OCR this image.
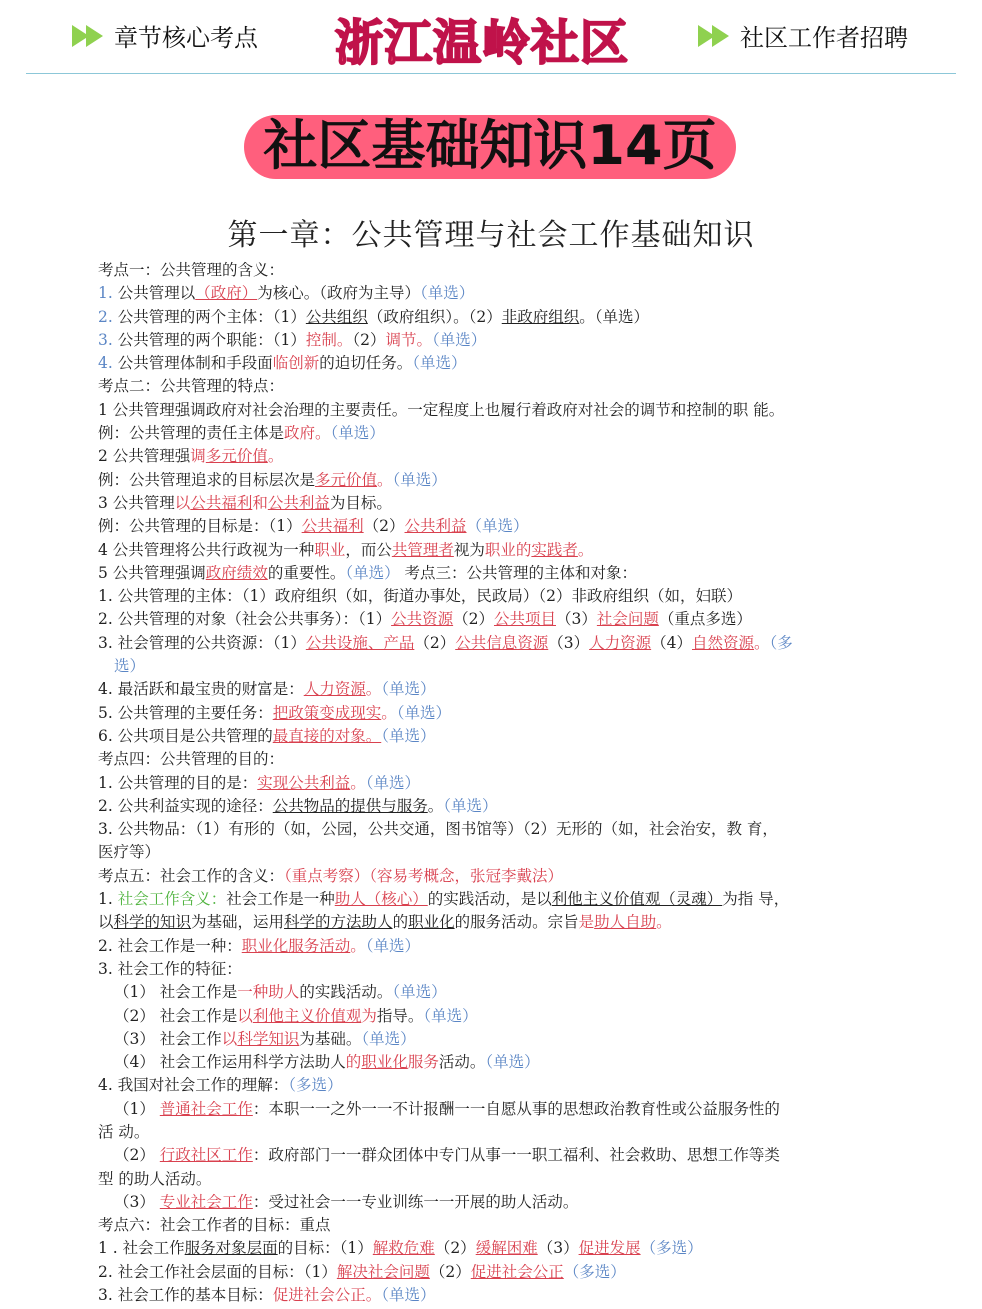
章节核心考点 浙江温岭社区	社区工作者招聘
社区基础知识14页
第一章：公共管理与社会工作基础知识

考点一：公共管理的含义：

1. 公共管理以（政府）为核心。（政府为主导）（单选）

2. 公共管理的两个主体：（1）公共组织（政府组织）。（2）非政府组织。（单选）

3. 公共管理的两个职能：（1）控制。（2）调节。（单选）

4. 公共管理体制和手段面临创新的迫切任务。（单选）

考点二：公共管理的特点：

1 公共管理强调政府对社会治理的主要责任。一定程度上也履行着政府对社会的调节和控制的职 能。

例：公共管理的责任主体是政府。（单选）

2 公共管理强调多元价值。

例：公共管理追求的目标层次是多元价值。（单选）

3 公共管理以公共福利和公共利益为目标。

例：公共管理的目标是：（1）公共福利（2）公共利益（单选）

4 公共管理将公共行政视为一种职业，而公共管理者视为职业的实践者。

5 公共管理强调政府绩效的重要性。（单选） 考点三：公共管理的主体和对象：

1. 公共管理的主体：（1）政府组织（如，街道办事处，民政局）（2）非政府组织（如，妇联）

2. 公共管理的对象（社会公共事务）：（1）公共资源（2）公共项目（3）社会问题（重点多选）

3. 社会管理的公共资源：（1）公共设施、产品（2）公共信息资源（3）人力资源（4）自然资源。（多

选）

4. 最活跃和最宝贵的财富是：人力资源。（单选）

5. 公共管理的主要任务：把政策变成现实。（单选）

6. 公共项目是公共管理的最直接的对象。（单选）

考点四：公共管理的目的：

1. 公共管理的目的是：实现公共利益。（单选）

2. 公共利益实现的途径：公共物品的提供与服务。（单选）

3. 公共物品：（1）有形的（如，公园，公共交通，图书馆等）（2）无形的（如，社会治安，教 育，

医疗等）

考点五：社会工作的含义：（重点考察）（容易考概念，张冠李戴法）

1. 社会工作含义：社会工作是一种助人（核心）的实践活动，是以利他主义价值观（灵魂）为指 导，

以科学的知识为基础，运用科学的方法助人的职业化的服务活动。宗旨是助人自助。

2. 社会工作是一种：职业化服务活动。（单选）

3. 社会工作的特征：

（1） 社会工作是一种助人的实践活动。（单选）

（2） 社会工作是以利他主义价值观为指导。（单选）

（3） 社会工作以科学知识为基础。（单选）

（4） 社会工作运用科学方法助人的职业化服务活动。（单选）

4. 我国对社会工作的理解：（多选）

（1） 普通社会工作：本职一一之外一一不计报酬一一自愿从事的思想政治教育性或公益服务性的

活 动。

（2） 行政社区工作：政府部门一一群众团体中专门从事一一职工福利、社会救助、思想工作等类

型 的助人活动。

（3） 专业社会工作：受过社会一一专业训练一一开展的助人活动。

考点六：社会工作者的目标：重点

1 . 社会工作服务对象层面的目标：（1）解救危难（2）缓解困难（3）促进发展（多选）

2. 社会工作社会层面的目标：（1）解决社会问题（2）促进社会公正（多选）

3. 社会工作的基本目标：促进社会公正。（单选）
